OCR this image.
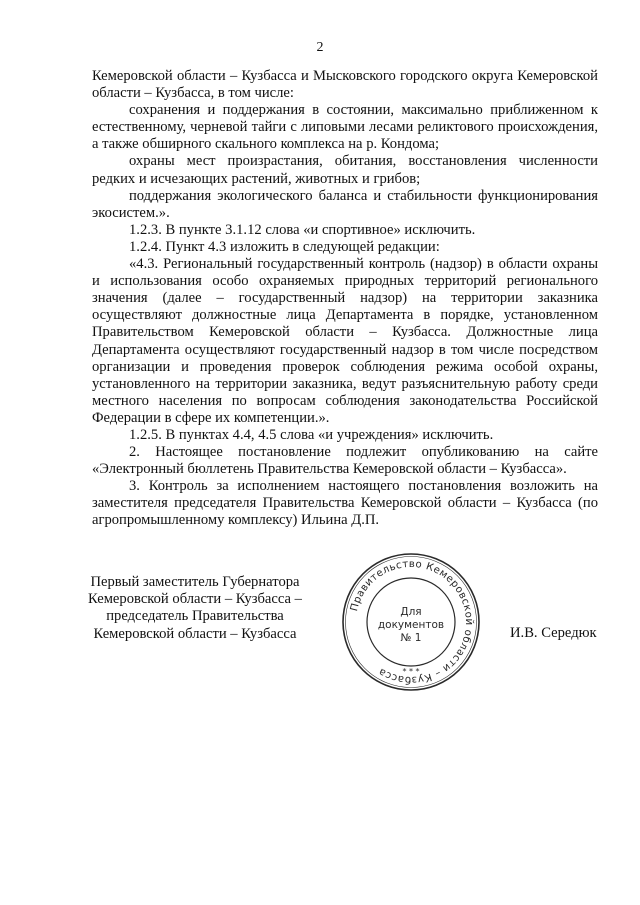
2

Кемеровской области – Кузбасса и Мысковского городского округа Кемеровской области – Кузбасса, в том числе:

сохранения и поддержания в состоянии, максимально приближенном к естественному, черневой тайги с липовыми лесами реликтового происхождения, а также обширного скального комплекса на р. Кондома;

охраны мест произрастания, обитания, восстановления численности редких и исчезающих растений, животных и грибов;

поддержания экологического баланса и стабильности функционирования экосистем.».

1.2.3. В пункте 3.1.12 слова «и спортивное» исключить.

1.2.4. Пункт 4.3 изложить в следующей редакции:

«4.3. Региональный государственный контроль (надзор) в области охраны и использования особо охраняемых природных территорий регионального значения (далее – государственный надзор) на территории заказника осуществляют должностные лица Департамента в порядке, установленном Правительством Кемеровской области – Кузбасса. Должностные лица Департамента осуществляют государственный надзор в том числе посредством организации и проведения проверок соблюдения режима особой охраны, установленного на территории заказника, ведут разъяснительную работу среди местного населения по вопросам соблюдения законодательства Российской Федерации в сфере их компетенции.».

1.2.5. В пунктах 4.4, 4.5 слова «и учреждения» исключить.

2. Настоящее постановление подлежит опубликованию на сайте «Электронный бюллетень Правительства Кемеровской области – Кузбасса».

3. Контроль за исполнением настоящего постановления возложить на заместителя председателя Правительства Кемеровской области – Кузбасса (по агропромышленному комплексу) Ильина Д.П.

Первый заместитель Губернатора
Кемеровской области – Кузбасса –
председатель Правительства
Кемеровской области – Кузбасса
Правительство Кемеровской области – Кузбасса	* * *
Для
документов
№ 1	И.В. Середюк
